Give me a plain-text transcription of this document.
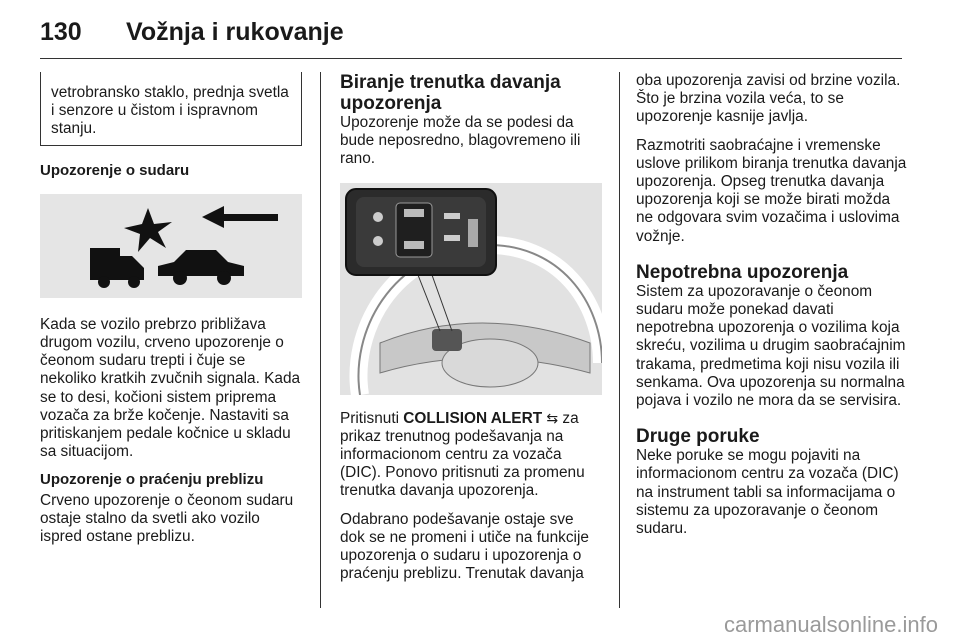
130 Vožnja i rukovanje
vetrobransko staklo, prednja svetla i senzore u čistom i ispravnom stanju.

Upozorenje o sudaru

Kada se vozilo prebrzo približava drugom vozilu, crveno upozorenje o čeonom sudaru trepti i čuje se nekoliko kratkih zvučnih signala. Kada se to desi, kočioni sistem priprema vozača za brže kočenje. Nastaviti sa pritiskanjem pedale kočnice u skladu sa situacijom.

Upozorenje o praćenju preblizu

Crveno upozorenje o čeonom sudaru ostaje stalno da svetli ako vozilo ispred ostane preblizu.

Biranje trenutka davanja upozorenja

Upozorenje može da se podesi da bude neposredno, blagovremeno ili rano.

Pritisnuti COLLISION ALERT ⇆ za prikaz trenutnog podešavanja na informacionom centru za vozača (DIC). Ponovo pritisnuti za promenu trenutka davanja upozorenja.

Odabrano podešavanje ostaje sve dok se ne promeni i utiče na funkcije upozorenja o sudaru i upozorenja o praćenju preblizu. Trenutak davanja

oba upozorenja zavisi od brzine vozila. Što je brzina vozila veća, to se upozorenje kasnije javlja.

Razmotriti saobraćajne i vremenske uslove prilikom biranja trenutka davanja upozorenja. Opseg trenutka davanja upozorenja koji se može birati možda ne odgovara svim vozačima i uslovima vožnje.

Nepotrebna upozorenja

Sistem za upozoravanje o čeonom sudaru može ponekad davati nepotrebna upozorenja o vozilima koja skreću, vozilima u drugim saobraćajnim trakama, predmetima koji nisu vozila ili senkama. Ova upozorenja su normalna pojava i vozilo ne mora da se servisira.

Druge poruke

Neke poruke se mogu pojaviti na informacionom centru za vozača (DIC) na instrument tabli sa informacijama o sistemu za upozoravanje o čeonom sudaru.

carmanualsonline.info
